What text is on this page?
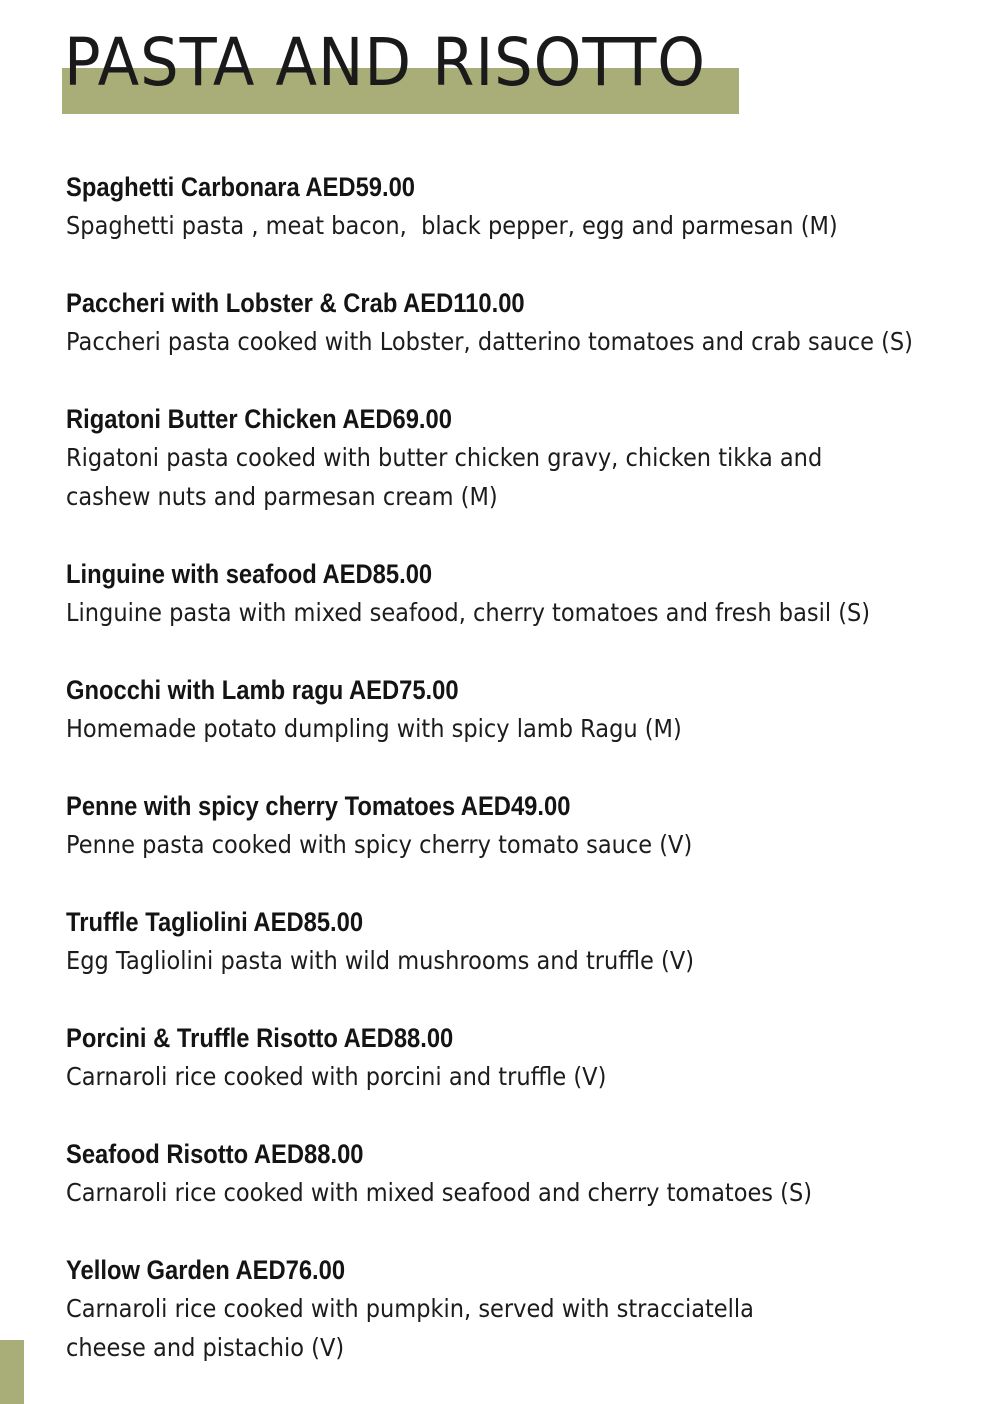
PASTA AND RISOTTO
Spaghetti Carbonara AED59.00
Spaghetti pasta , meat bacon,  black pepper, egg and parmesan (M)
Paccheri with Lobster & Crab AED110.00
Paccheri pasta cooked with Lobster, datterino tomatoes and crab sauce (S)
Rigatoni Butter Chicken AED69.00
Rigatoni pasta cooked with butter chicken gravy, chicken tikka and
cashew nuts and parmesan cream (M)
Linguine with seafood AED85.00
Linguine pasta with mixed seafood, cherry tomatoes and fresh basil (S)
Gnocchi with Lamb ragu AED75.00
Homemade potato dumpling with spicy lamb Ragu (M)
Penne with spicy cherry Tomatoes AED49.00
Penne pasta cooked with spicy cherry tomato sauce (V)
Truffle Tagliolini AED85.00
Egg Tagliolini pasta with wild mushrooms and truffle (V)
Porcini & Truffle Risotto AED88.00
Carnaroli rice cooked with porcini and truffle (V)
Seafood Risotto AED88.00
Carnaroli rice cooked with mixed seafood and cherry tomatoes (S)
Yellow Garden AED76.00
Carnaroli rice cooked with pumpkin, served with stracciatella
cheese and pistachio (V)
